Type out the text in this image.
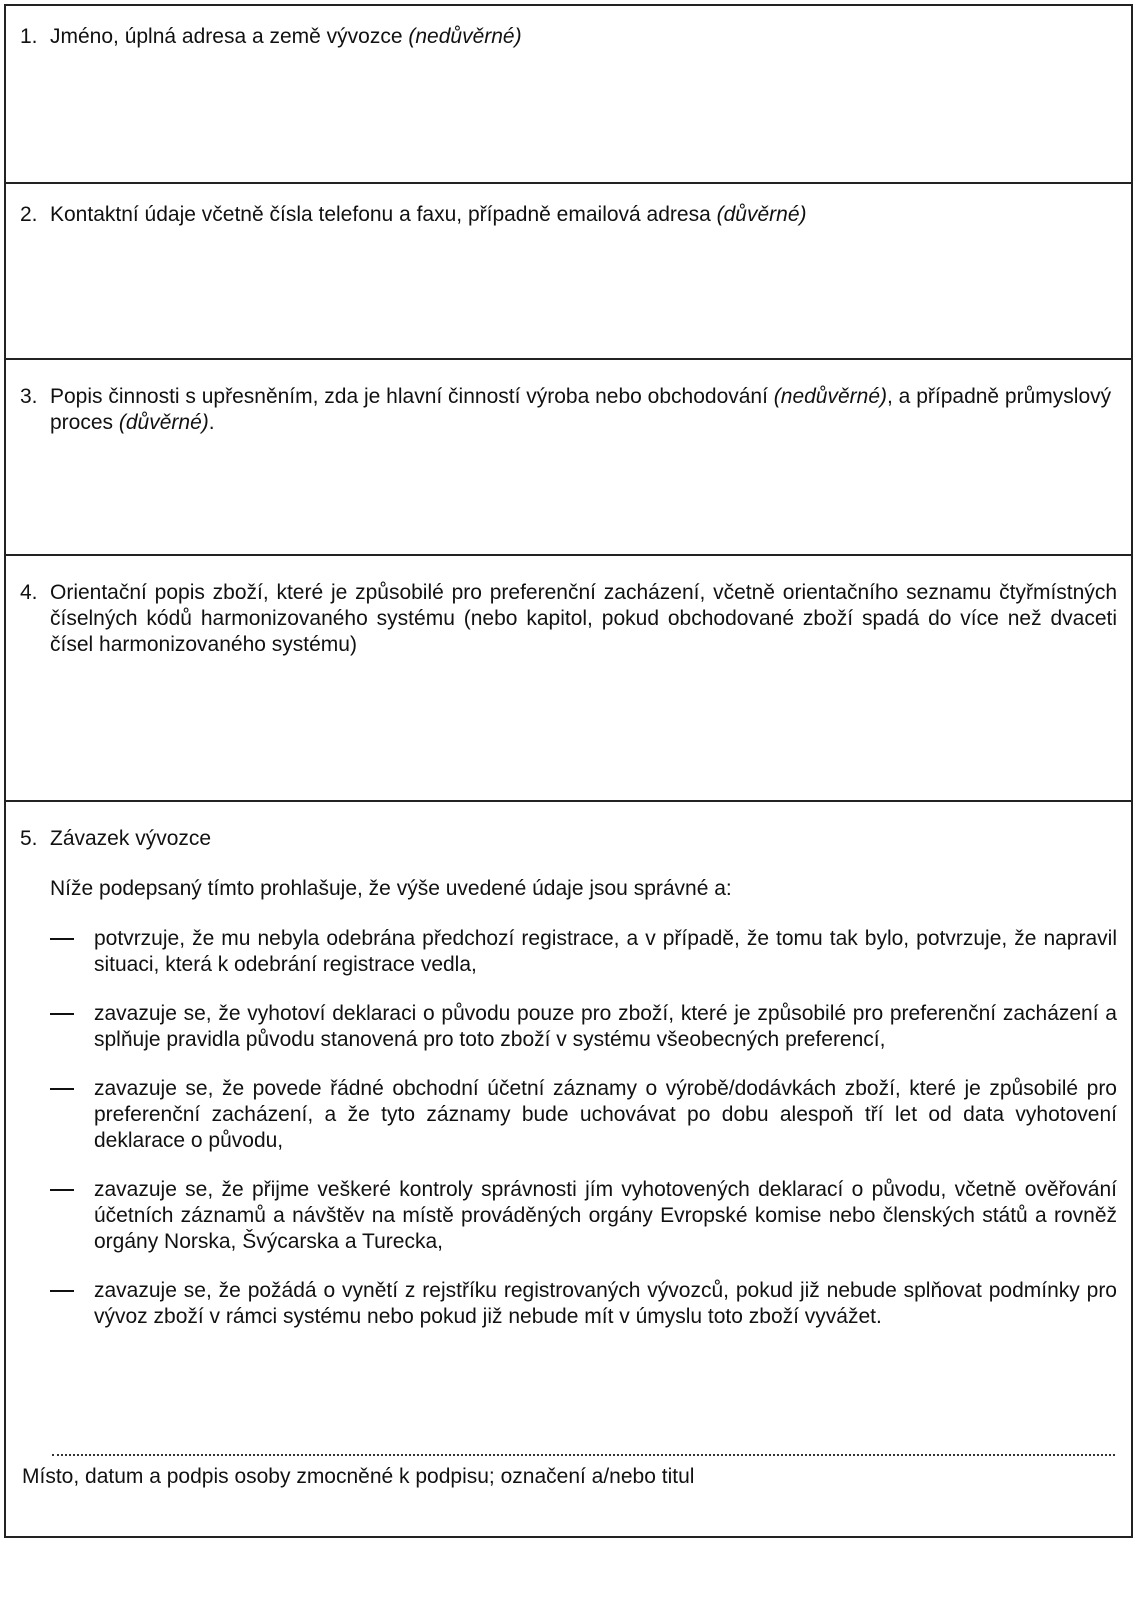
1. Jméno, úplná adresa a země vývozce (nedůvěrné)
2. Kontaktní údaje včetně čísla telefonu a faxu, případně emailová adresa (důvěrné)
3. Popis činnosti s upřesněním, zda je hlavní činností výroba nebo obchodování (nedůvěrné), a případně průmyslový proces (důvěrné).
4. Orientační popis zboží, které je způsobilé pro preferenční zacházení, včetně orientačního seznamu čtyřmístných číselných kódů harmonizovaného systému (nebo kapitol, pokud obchodované zboží spadá do více než dvaceti čísel harmonizovaného systému)
5. Závazek vývozce
Níže podepsaný tímto prohlašuje, že výše uvedené údaje jsou správné a:
potvrzuje, že mu nebyla odebrána předchozí registrace, a v případě, že tomu tak bylo, potvrzuje, že napravil situaci, která k odebrání registrace vedla,
zavazuje se, že vyhotoví deklaraci o původu pouze pro zboží, které je způsobilé pro preferenční zacházení a splňuje pravidla původu stanovená pro toto zboží v systému všeobecných preferencí,
zavazuje se, že povede řádné obchodní účetní záznamy o výrobě/dodávkách zboží, které je způsobilé pro preferenční zacházení, a že tyto záznamy bude uchovávat po dobu alespoň tří let od data vyhotovení deklarace o původu,
zavazuje se, že přijme veškeré kontroly správnosti jím vyhotovených deklarací o původu, včetně ověřování účetních záznamů a návštěv na místě prováděných orgány Evropské komise nebo členských států a rovněž orgány Norska, Švýcarska a Turecka,
zavazuje se, že požádá o vynětí z rejstříku registrovaných vývozců, pokud již nebude splňovat podmínky pro vývoz zboží v rámci systému nebo pokud již nebude mít v úmyslu toto zboží vyvážet.
Místo, datum a podpis osoby zmocněné k podpisu; označení a/nebo titul
